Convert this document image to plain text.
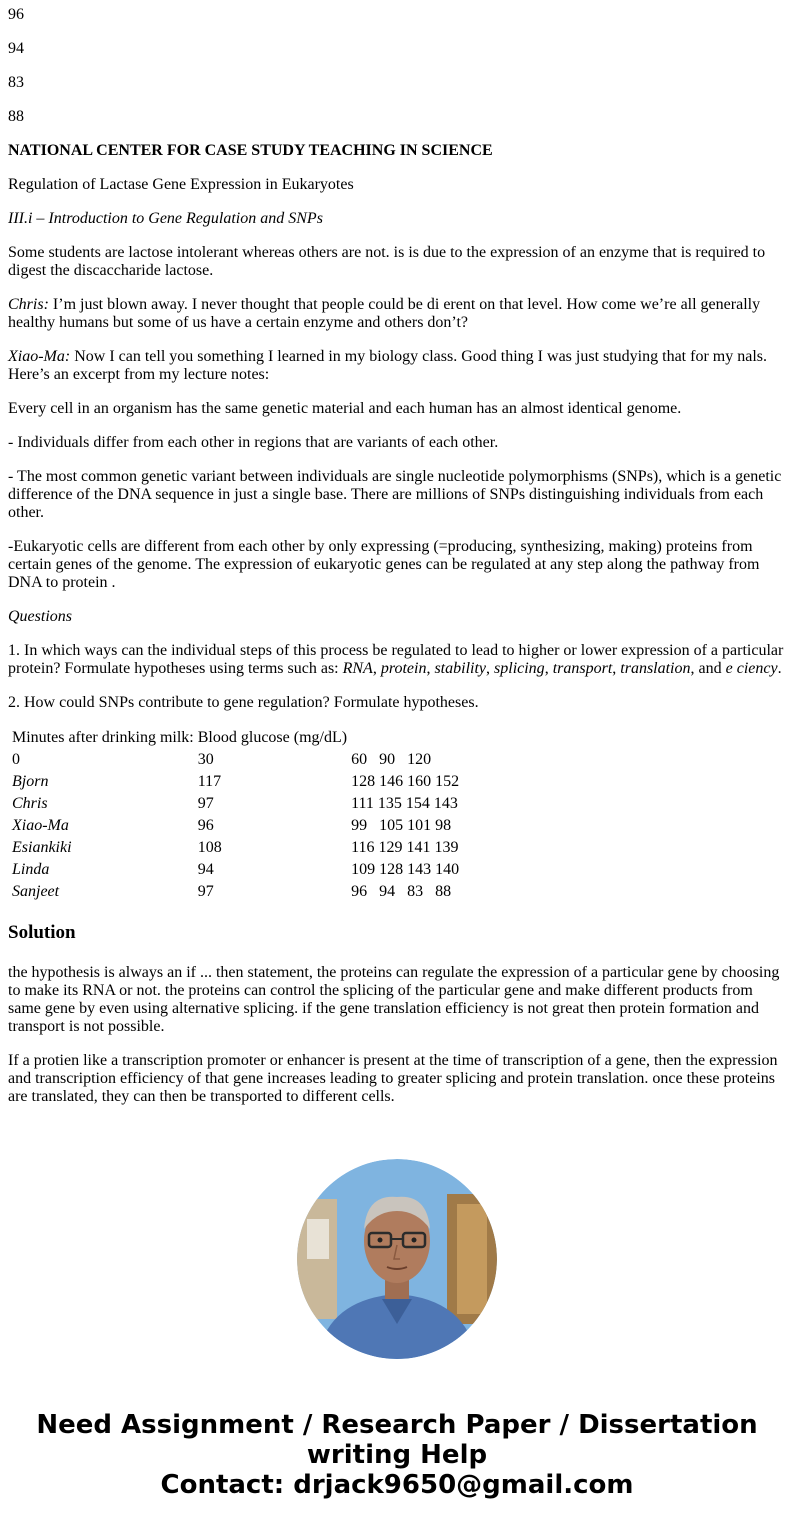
96

94

83

88

NATIONAL CENTER FOR CASE STUDY TEACHING IN SCIENCE

Regulation of Lactase Gene Expression in Eukaryotes

III.i – Introduction to Gene Regulation and SNPs

Some students are lactose intolerant whereas others are not. is is due to the expression of an enzyme that is required to digest the discaccharide lactose.

Chris: I’m just blown away. I never thought that people could be di erent on that level. How come we’re all generally healthy humans but some of us have a certain enzyme and others don’t?

Xiao-Ma: Now I can tell you something I learned in my biology class. Good thing I was just studying that for my nals. Here’s an excerpt from my lecture notes:

Every cell in an organism has the same genetic material and each human has an almost identical genome.

- Individuals differ from each other in regions that are variants of each other.

- The most common genetic variant between individuals are single nucleotide polymorphisms (SNPs), which is a genetic difference of the DNA sequence in just a single base. There are millions of SNPs distinguishing individuals from each other.

-Eukaryotic cells are different from each other by only expressing (=producing, synthesizing, making) proteins from certain genes of the genome. The expression of eukaryotic genes can be regulated at any step along the pathway from DNA to protein .

Questions

1. In which ways can the individual steps of this process be regulated to lead to higher or lower expression of a particular protein? Formulate hypotheses using terms such as: RNA, protein, stability, splicing, transport, translation, and e ciency.

2. How could SNPs contribute to gene regulation? Formulate hypotheses.

Minutes after drinking milk:	Blood glucose (mg/dL)	
0	30	60   90   120
Bjorn	117	128 146 160 152
Chris	97	111 135 154 143
Xiao-Ma	96	99   105 101 98
Esiankiki	108	116 129 141 139
Linda	94	109 128 143 140
Sanjeet	97	96   94   83   88
Solution

the hypothesis is always an if ... then statement, the proteins can regulate the expression of a particular gene by choosing to make its RNA or not. the proteins can control the splicing of the particular gene and make different products from same gene by even using alternative splicing. if the gene translation efficiency is not great then protein formation and transport is not possible.

If a protien like a transcription promoter or enhancer is present at the time of transcription of a gene, then the expression and transcription efficiency of that gene increases leading to greater splicing and protein translation. once these proteins are translated, they can then be transported to different cells.

Need Assignment / Research Paper / Dissertation
writing Help
Contact: drjack9650@gmail.com
